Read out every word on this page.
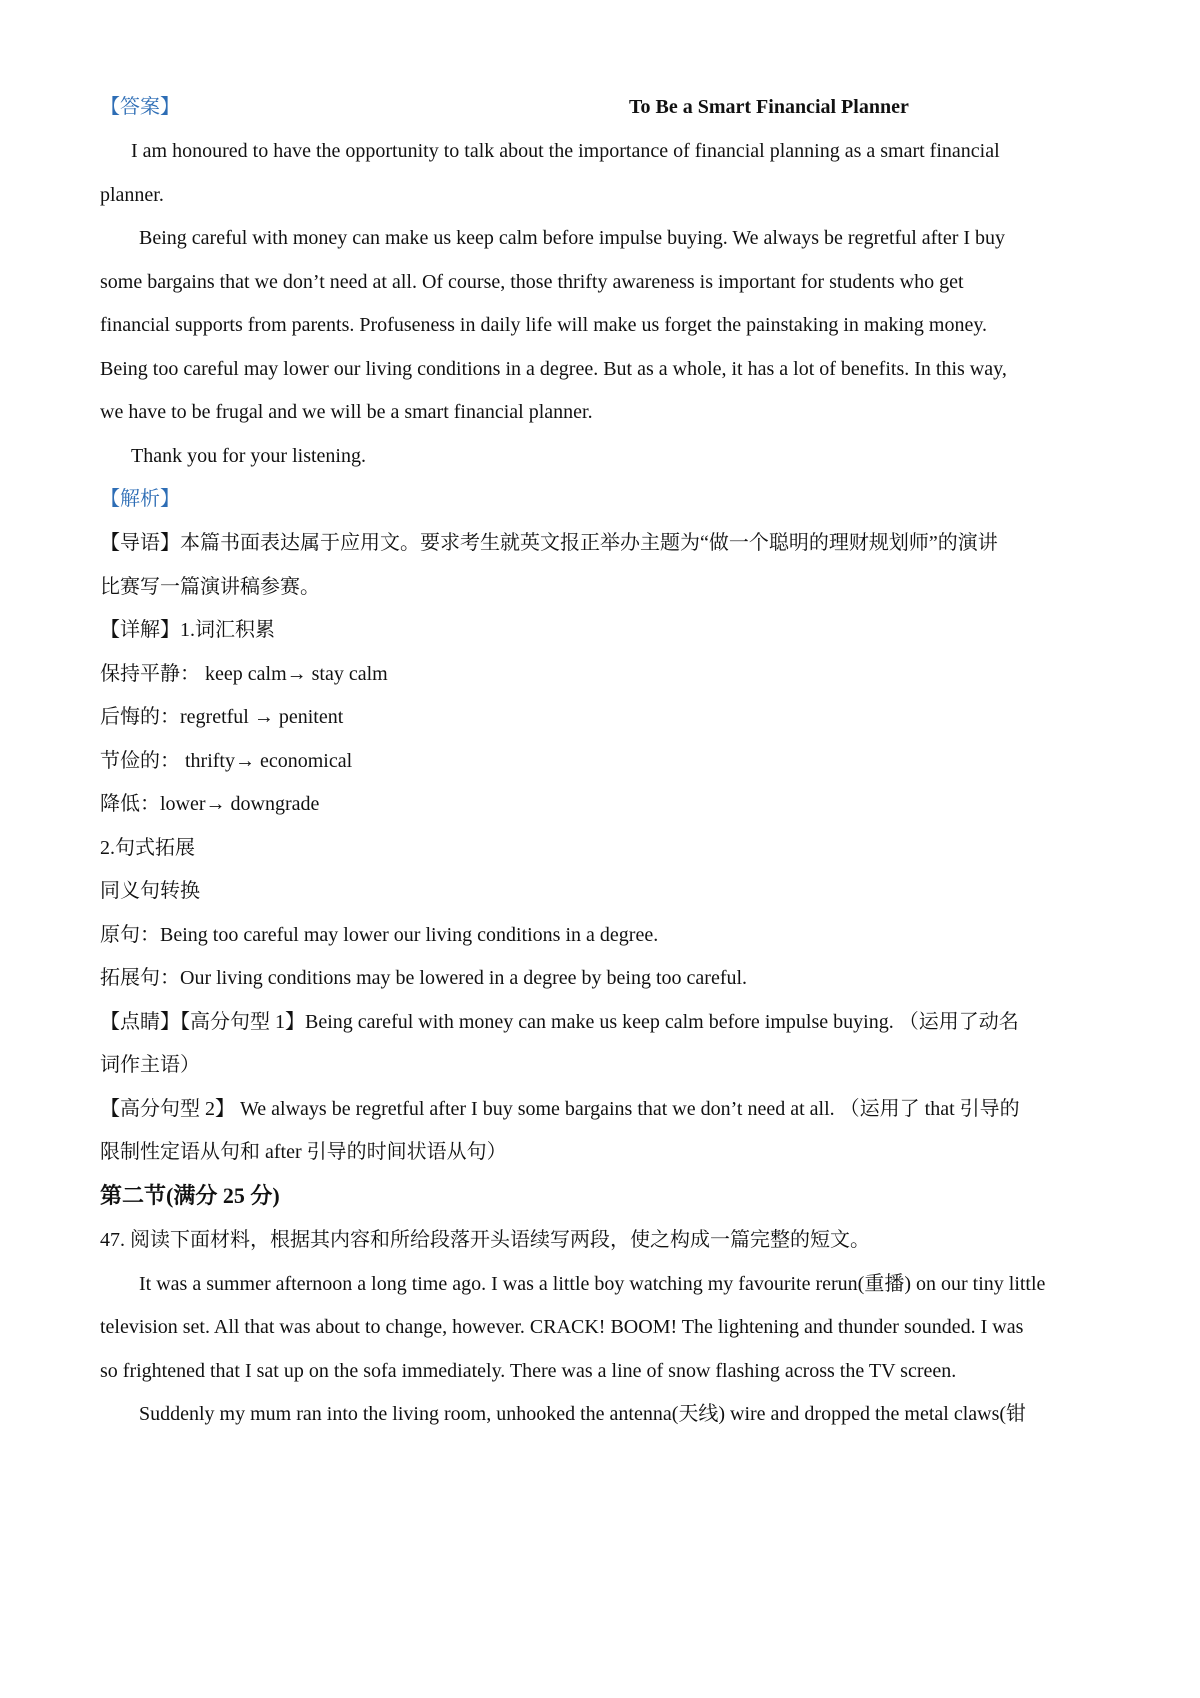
【答案】	To Be a Smart Financial Planner
I am honoured to have the opportunity to talk about the importance of financial planning as a smart financial
planner.
Being careful with money can make us keep calm before impulse buying. We always be regretful after I buy
some bargains that we don’t need at all. Of course, those thrifty awareness is important for students who get
financial supports from parents. Profuseness in daily life will make us forget the painstaking in making money.
Being too careful may lower our living conditions in a degree. But as a whole, it has a lot of benefits. In this way,
we have to be frugal and we will be a smart financial planner.
Thank you for your listening.
【解析】
【导语】本篇书面表达属于应用文。要求考生就英文报正举办主题为“做一个聪明的理财规划师”的演讲
比赛写一篇演讲稿参赛。
【详解】1.词汇积累
保持平静： keep calm→ stay calm
后悔的：regretful → penitent
节俭的： thrifty→ economical
降低：lower→ downgrade
2.句式拓展
同义句转换
原句：Being too careful may lower our living conditions in a degree.
拓展句：Our living conditions may be lowered in a degree by being too careful.
【点睛】【高分句型 1】Being careful with money can make us keep calm before impulse buying. （运用了动名
词作主语）
【高分句型 2】 We always be regretful after I buy some bargains that we don’t need at all. （运用了 that 引导的
限制性定语从句和 after 引导的时间状语从句）
第二节(满分 25 分)
47. 阅读下面材料，根据其内容和所给段落开头语续写两段，使之构成一篇完整的短文。
It was a summer afternoon a long time ago. I was a little boy watching my favourite rerun(重播) on our tiny little
television set. All that was about to change, however. CRACK! BOOM! The lightening and thunder sounded. I was
so frightened that I sat up on the sofa immediately. There was a line of snow flashing across the TV screen.
Suddenly my mum ran into the living room, unhooked the antenna(天线) wire and dropped the metal claws(钳
